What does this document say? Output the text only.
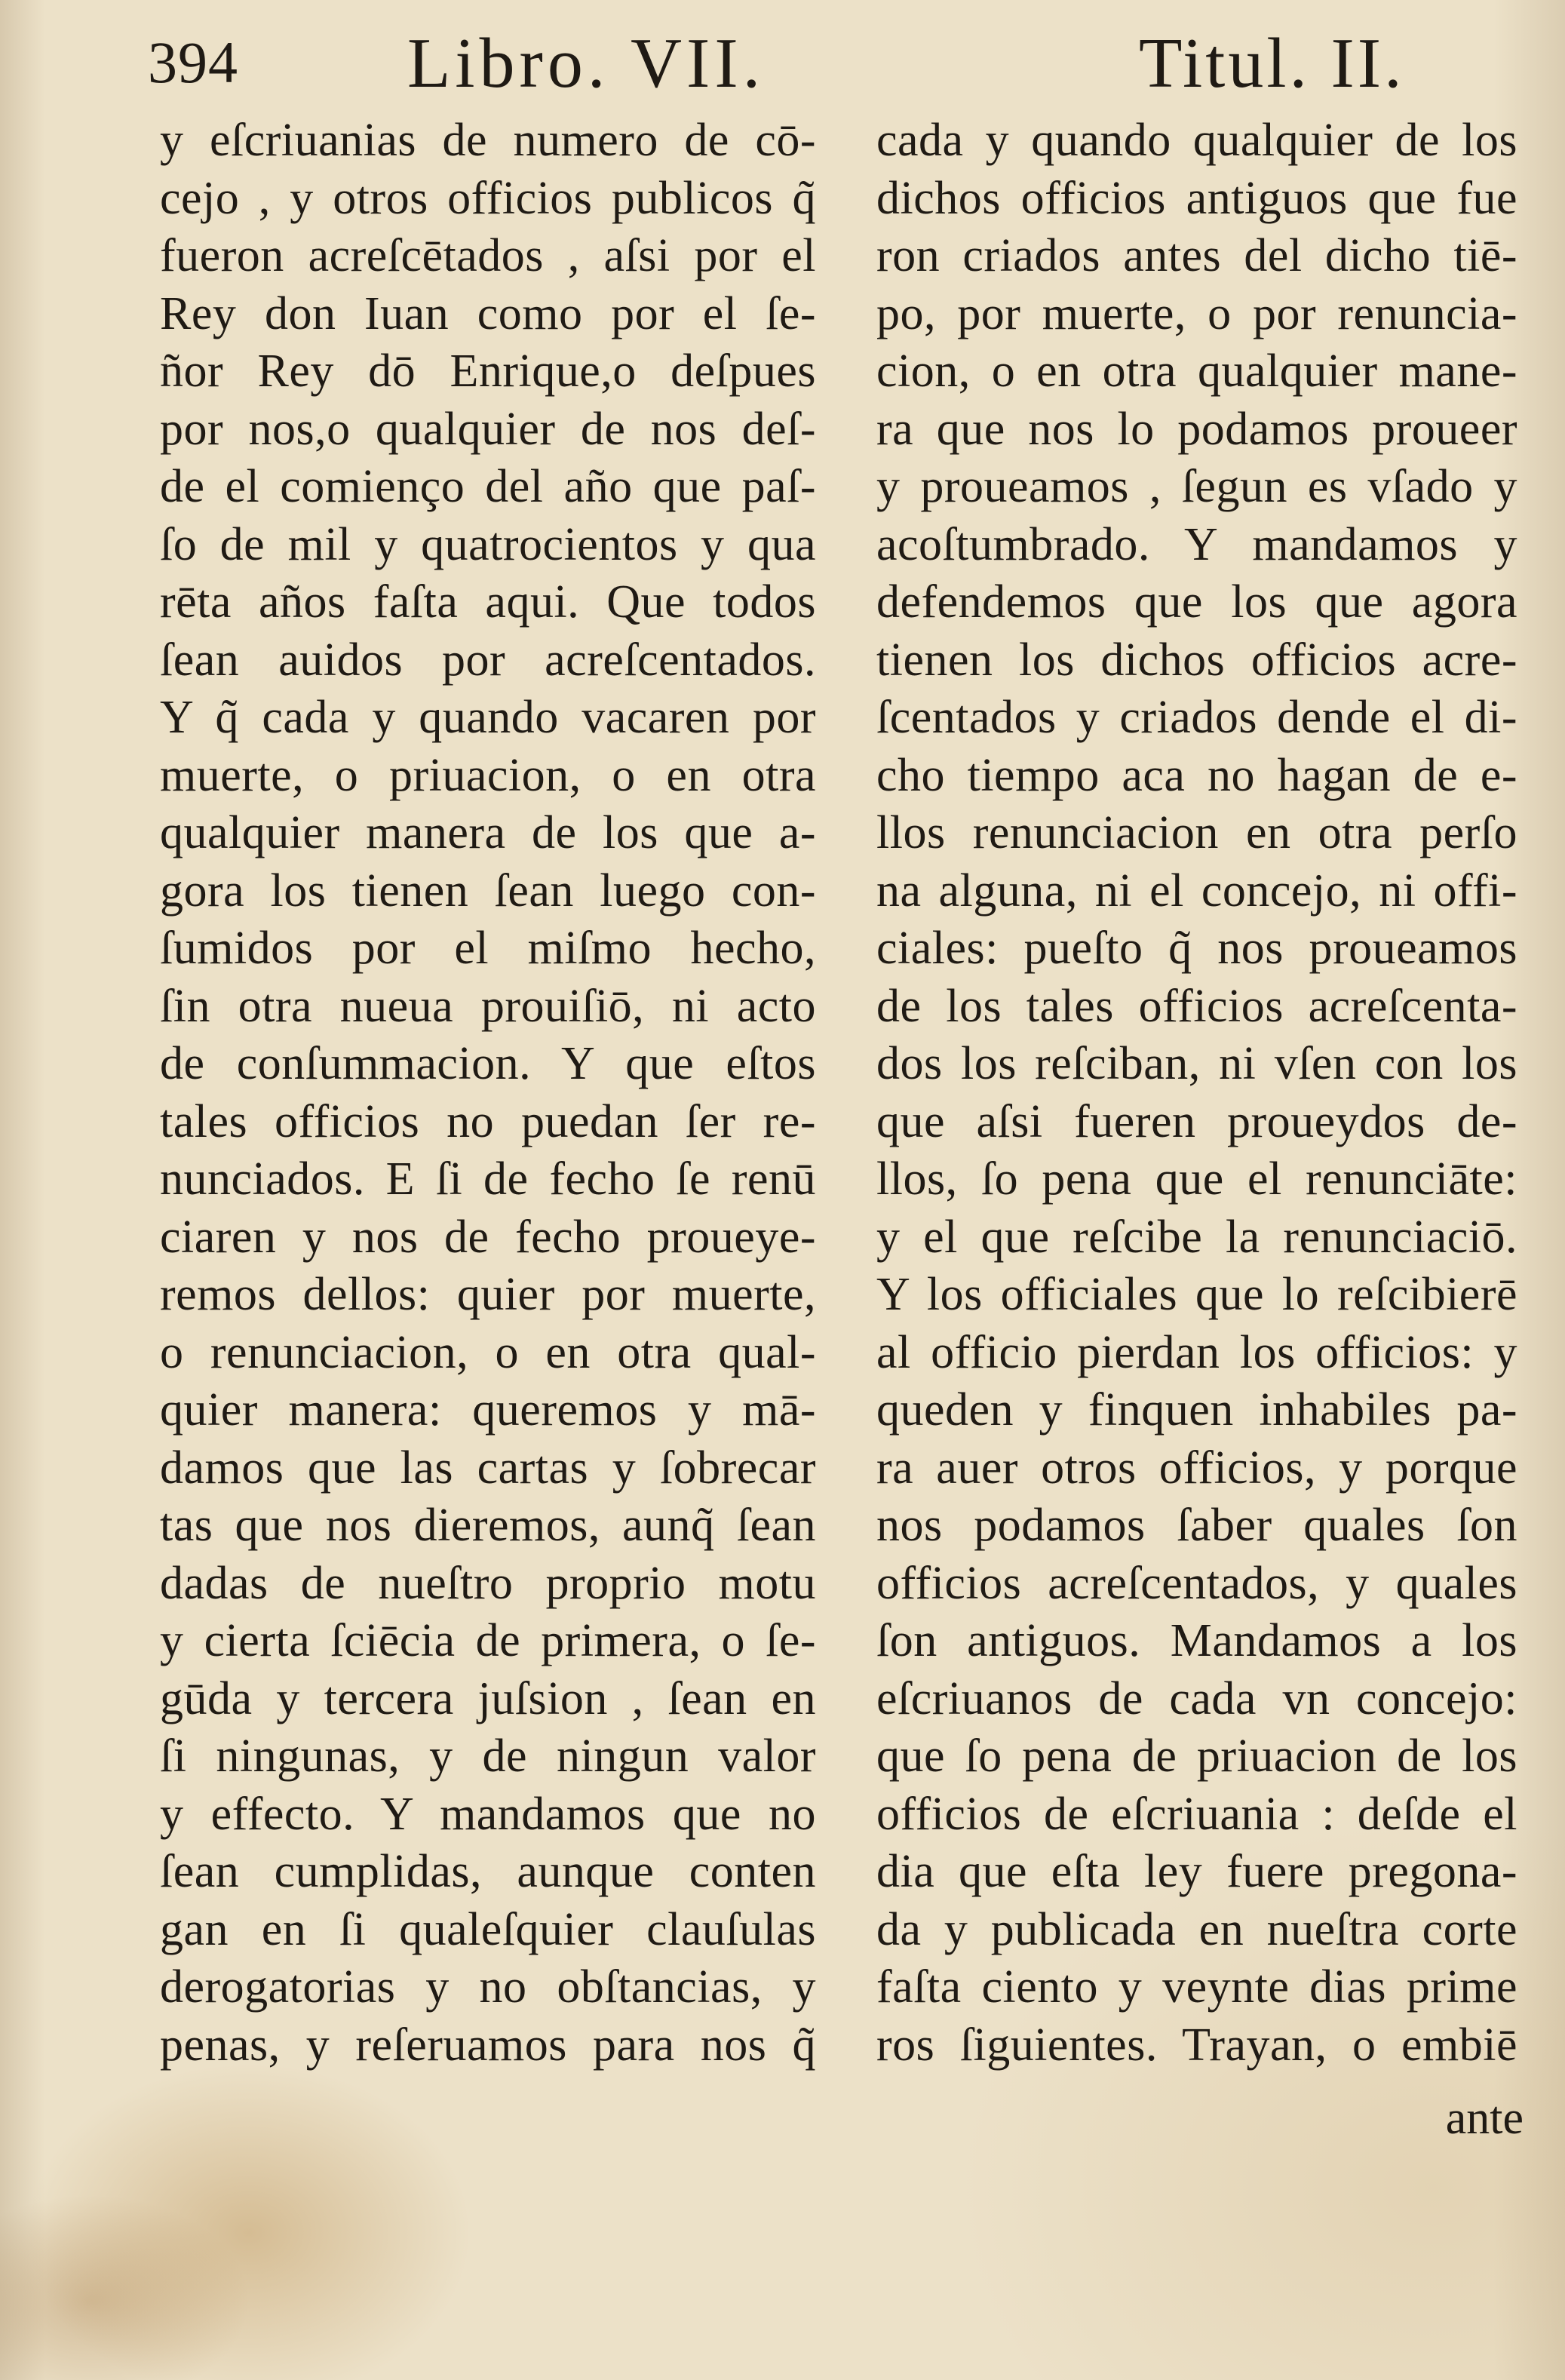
394 Libro. VII.	Titul. II.
y eſcriuanias de numero de cō-
cejo , y otros officios publicos q̃
fueron acreſcētados , aſsi por el
Rey don Iuan como por el ſe-
ñor Rey dō Enrique,o deſpues
por nos,o qualquier de nos deſ-
de el comienço del año que paſ-
ſo de mil y quatrocientos y qua
rēta años faſta aqui. Que todos
ſean auidos por acreſcentados.
Y q̃ cada y quando vacaren por
muerte, o priuacion, o en otra
qualquier manera de los que a-
gora los tienen ſean luego con-
ſumidos por el miſmo hecho,
ſin otra nueua prouiſiō, ni acto
de conſummacion. Y que eſtos
tales officios no puedan ſer re-
nunciados. E ſi de fecho ſe renū
ciaren y nos de fecho proueye-
remos dellos: quier por muerte,
o renunciacion, o en otra qual-
quier manera: queremos y mā-
damos que las cartas y ſobrecar
tas que nos dieremos, aunq̃ ſean
dadas de nueſtro proprio motu
y cierta ſciēcia de primera, o ſe-
gūda y tercera juſsion , ſean en
ſi ningunas, y de ningun valor
y effecto. Y mandamos que no
ſean cumplidas, aunque conten
gan en ſi qualeſquier clauſulas
derogatorias y no obſtancias, y
penas, y reſeruamos para nos q̃
cada y quando qualquier de los
dichos officios antiguos que fue
ron criados antes del dicho tiē-
po, por muerte, o por renuncia-
cion, o en otra qualquier mane-
ra que nos lo podamos proueer
y proueamos , ſegun es vſado y
acoſtumbrado. Y mandamos y
defendemos que los que agora
tienen los dichos officios acre-
ſcentados y criados dende el di-
cho tiempo aca no hagan de e-
llos renunciacion en otra perſo
na alguna, ni el concejo, ni offi-
ciales: pueſto q̃ nos proueamos
de los tales officios acreſcenta-
dos los reſciban, ni vſen con los
que aſsi fueren proueydos de-
llos, ſo pena que el renunciāte:
y el que reſcibe la renunciaciō.
Y los officiales que lo reſcibierē
al officio pierdan los officios: y
queden y finquen inhabiles pa-
ra auer otros officios, y porque
nos podamos ſaber quales ſon
officios acreſcentados, y quales
ſon antiguos. Mandamos a los
eſcriuanos de cada vn concejo:
que ſo pena de priuacion de los
officios de eſcriuania : deſde el
dia que eſta ley fuere pregona-
da y publicada en nueſtra corte
faſta ciento y veynte dias prime
ros ſiguientes. Trayan, o embiē
ante
